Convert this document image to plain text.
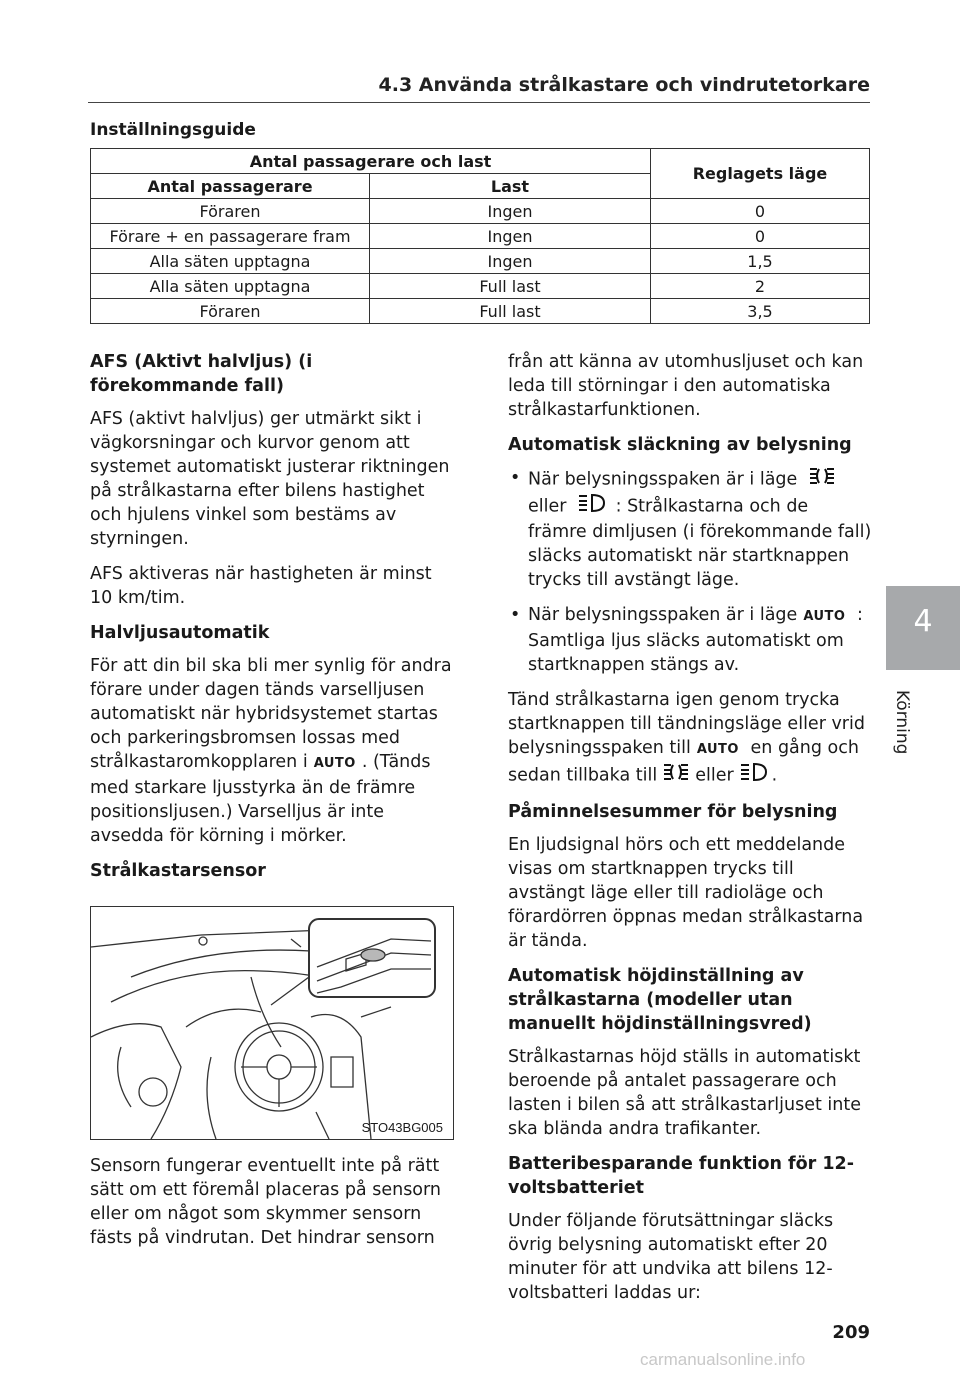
4.3 Använda strålkastare och vindrutetorkare
Inställningsguide
Antal passagerare och last		Reglagets läge
Antal passagerare	Last	
Föraren	Ingen	0
Förare + en passagerare fram	Ingen	0
Alla säten upptagna	Ingen	1,5
Alla säten upptagna	Full last	2
Föraren	Full last	3,5

AFS (Aktivt halvljus) (i förekommande fall)

AFS (aktivt halvljus) ger utmärkt sikt i vägkorsningar och kurvor genom att systemet automatiskt justerar riktningen på strålkastarna efter bilens hastighet och hjulens vinkel som bestäms av styrningen.

AFS aktiveras när hastigheten är minst 10 km/tim.

Halvljusautomatik

För att din bil ska bli mer synlig för andra förare under dagen tänds varselljusen automatiskt när hybridsystemet startas och parkeringsbromsen lossas med strålkastaromkopplaren i AUTO . (Tänds med starkare ljusstyrka än de främre positionsljusen.) Varselljus är inte avsedda för körning i mörker.

Strålkastarsensor

STO43BG005

Sensorn fungerar eventuellt inte på rätt sätt om ett föremål placeras på sensorn eller om något som skymmer sensorn fästs på vindrutan. Det hindrar sensorn

från att känna av utomhusljuset och kan leda till störningar i den automatiska strålkastarfunktionen.

Automatisk släckning av belysning

• När belysningsspaken är i läge
eller	: Strålkastarna och de främre dimljusen (i förekommande fall) släcks automatiskt när startknappen trycks till avstängt läge.
• När belysningsspaken är i läge AUTO : Samtliga ljus släcks automatiskt om startknappen stängs av.

Tänd strålkastarna igen genom trycka startknappen till tändningsläge eller vrid belysningsspaken till AUTO en gång och sedan tillbaka till eller .

Påminnelsesummer för belysning

En ljudsignal hörs och ett meddelande visas om startknappen trycks till avstängt läge eller till radioläge och förardörren öppnas medan strålkastarna är tända.

Automatisk höjdinställning av strålkastarna (modeller utan manuellt höjdinställningsvred)

Strålkastarnas höjd ställs in automatiskt beroende på antalet passagerare och lasten i bilen så att strålkastarljuset inte ska blända andra trafikanter.

Batteribesparande funktion för 12-voltsbatteriet

Under följande förutsättningar släcks övrig belysning automatiskt efter 20 minuter för att undvika att bilens 12-voltsbatteri laddas ur:

4
Körning
209
carmanualsonline.info
